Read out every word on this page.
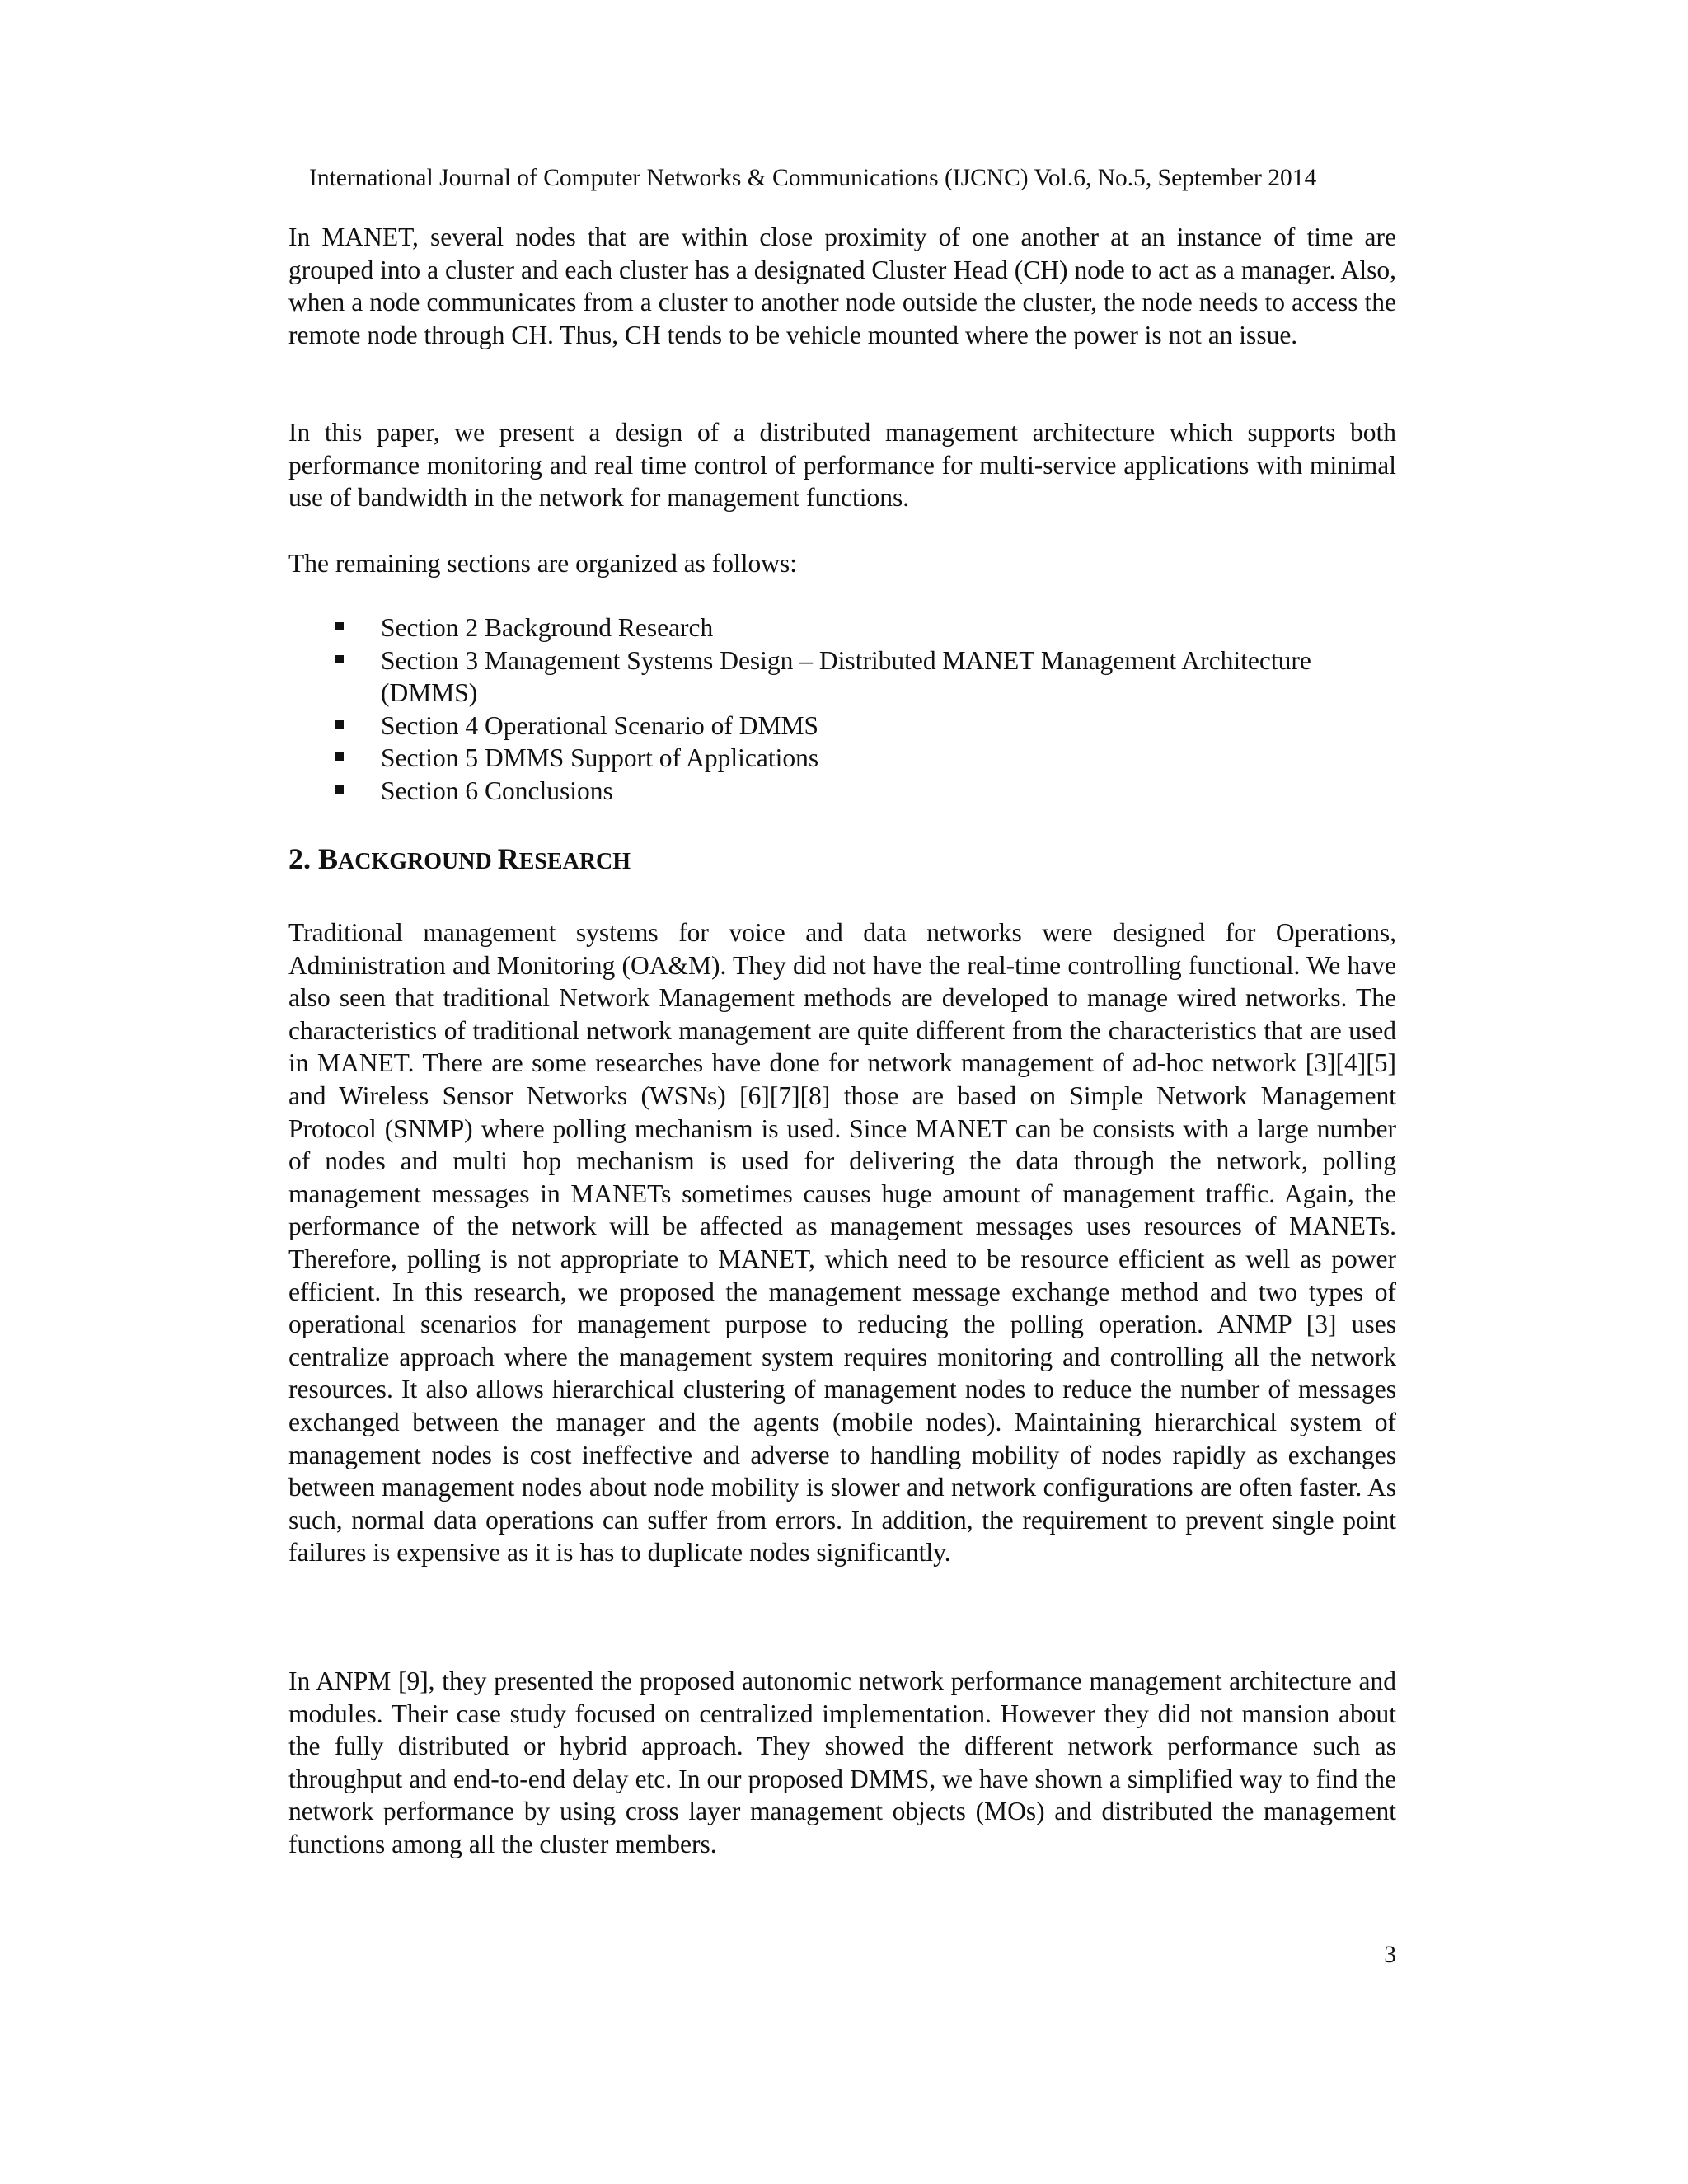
International Journal of Computer Networks & Communications (IJCNC) Vol.6, No.5, September 2014

In MANET, several nodes that are within close proximity of one another at an instance of time are grouped into a cluster and each cluster has a designated Cluster Head (CH) node to act as a manager. Also, when a node communicates from a cluster to another node outside the cluster, the node needs to access the remote node through CH. Thus, CH tends to be vehicle mounted where the power is not an issue.

In this paper, we present a design of a distributed management architecture which supports both performance monitoring and real time control of performance for multi-service applications with minimal use of bandwidth in the network for management functions.

The remaining sections are organized as follows:

Section 2 Background Research
Section 3 Management Systems Design – Distributed MANET Management Architecture (DMMS)
Section 4 Operational Scenario of DMMS
Section 5 DMMS Support of Applications
Section 6 Conclusions
2. BACKGROUND RESEARCH

Traditional management systems for voice and data networks were designed for Operations, Administration and Monitoring (OA&M). They did not have the real-time controlling functional. We have also seen that traditional Network Management methods are developed to manage wired networks. The characteristics of traditional network management are quite different from the characteristics that are used in MANET. There are some researches have done for network management of ad-hoc network [3][4][5] and Wireless Sensor Networks (WSNs) [6][7][8] those are based on Simple Network Management Protocol (SNMP) where polling mechanism is used. Since MANET can be consists with a large number of nodes and multi hop mechanism is used for delivering the data through the network, polling management messages in MANETs sometimes causes huge amount of management traffic. Again, the performance of the network will be affected as management messages uses resources of MANETs. Therefore, polling is not appropriate to MANET, which need to be resource efficient as well as power efficient. In this research, we proposed the management message exchange method and two types of operational scenarios for management purpose to reducing the polling operation. ANMP [3] uses centralize approach where the management system requires monitoring and controlling all the network resources. It also allows hierarchical clustering of management nodes to reduce the number of messages exchanged between the manager and the agents (mobile nodes). Maintaining hierarchical system of management nodes is cost ineffective and adverse to handling mobility of nodes rapidly as exchanges between management nodes about node mobility is slower and network configurations are often faster. As such, normal data operations can suffer from errors. In addition, the requirement to prevent single point failures is expensive as it is has to duplicate nodes significantly.

In ANPM [9], they presented the proposed autonomic network performance management architecture and modules. Their case study focused on centralized implementation. However they did not mansion about the fully distributed or hybrid approach. They showed the different network performance such as throughput and end-to-end delay etc. In our proposed DMMS, we have shown a simplified way to find the network performance by using cross layer management objects (MOs) and distributed the management functions among all the cluster members.

3
